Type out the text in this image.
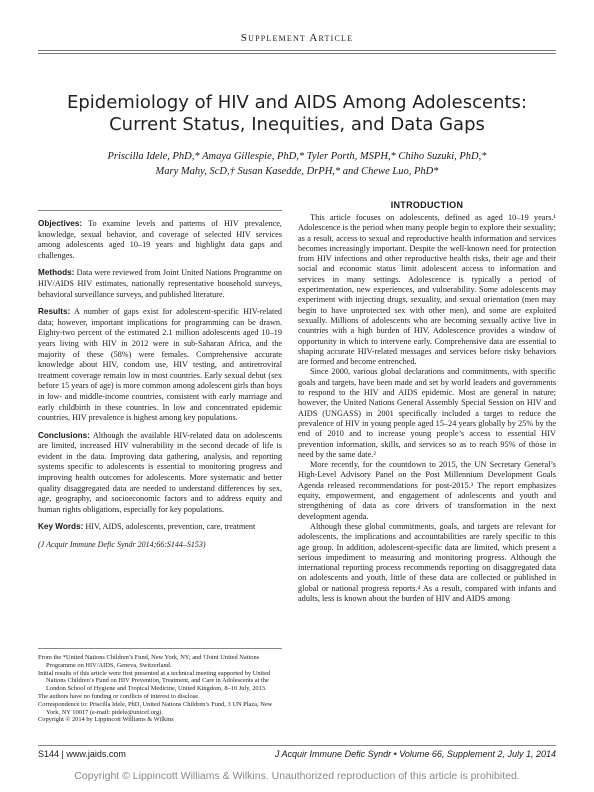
Supplement Article
Epidemiology of HIV and AIDS Among Adolescents:
Current Status, Inequities, and Data Gaps
Priscilla Idele, PhD,* Amaya Gillespie, PhD,* Tyler Porth, MSPH,* Chiho Suzuki, PhD,*
Mary Mahy, ScD,† Susan Kasedde, DrPH,* and Chewe Luo, PhD*

Objectives: To examine levels and patterns of HIV prevalence, knowledge, sexual behavior, and coverage of selected HIV services among adolescents aged 10–19 years and highlight data gaps and challenges.

Methods: Data were reviewed from Joint United Nations Programme on HIV/AIDS HIV estimates, nationally representative household surveys, behavioral surveillance surveys, and published literature.

Results: A number of gaps exist for adolescent-specific HIV-related data; however, important implications for programming can be drawn. Eighty-two percent of the estimated 2.1 million adolescents aged 10–19 years living with HIV in 2012 were in sub-Saharan Africa, and the majority of these (58%) were females. Comprehensive accurate knowledge about HIV, condom use, HIV testing, and antiretroviral treatment coverage remain low in most countries. Early sexual debut (sex before 15 years of age) is more common among adolescent girls than boys in low- and middle-income countries, consistent with early marriage and early childbirth in these countries. In low and concentrated epidemic countries, HIV prevalence is highest among key populations.

Conclusions: Although the available HIV-related data on adolescents are limited, increased HIV vulnerability in the second decade of life is evident in the data. Improving data gathering, analysis, and reporting systems specific to adolescents is essential to monitoring progress and improving health outcomes for adolescents. More systematic and better quality disaggregated data are needed to understand differences by sex, age, geography, and socioeconomic factors and to address equity and human rights obligations, especially for key populations.

Key Words: HIV, AIDS, adolescents, prevention, care, treatment

(J Acquir Immune Defic Syndr 2014;66:S144–S153)

INTRODUCTION

This article focuses on adolescents, defined as aged 10–19 years.¹ Adolescence is the period when many people begin to explore their sexuality; as a result, access to sexual and reproductive health information and services becomes increasingly important. Despite the well-known need for protection from HIV infections and other reproductive health risks, their age and their social and economic status limit adolescent access to information and services in many settings. Adolescence is typically a period of experimentation, new experiences, and vulnerability. Some adolescents may experiment with injecting drugs, sexuality, and sexual orientation (men may begin to have unprotected sex with other men), and some are exploited sexually. Millions of adolescents who are becoming sexually active live in countries with a high burden of HIV. Adolescence provides a window of opportunity in which to intervene early. Comprehensive data are essential to shaping accurate HIV-related messages and services before risky behaviors are formed and become entrenched.

Since 2000, various global declarations and commitments, with specific goals and targets, have been made and set by world leaders and governments to respond to the HIV and AIDS epidemic. Most are general in nature; however, the United Nations General Assembly Special Session on HIV and AIDS (UNGASS) in 2001 specifically included a target to reduce the prevalence of HIV in young people aged 15–24 years globally by 25% by the end of 2010 and to increase young people’s access to essential HIV prevention information, skills, and services so as to reach 95% of those in need by the same date.²

More recently, for the countdown to 2015, the UN Secretary General’s High-Level Advisory Panel on the Post Millennium Development Goals Agenda released recommendations for post-2015.³ The report emphasizes equity, empowerment, and engagement of adolescents and youth and strengthening of data as core drivers of transformation in the next development agenda.

Although these global commitments, goals, and targets are relevant for adolescents, the implications and accountabilities are rarely specific to this age group. In addition, adolescent-specific data are limited, which present a serious impediment to measuring and monitoring progress. Although the international reporting process recommends reporting on disaggregated data on adolescents and youth, little of these data are collected or published in global or national progress reports.⁴ As a result, compared with infants and adults, less is known about the burden of HIV and AIDS among

From the *United Nations Children’s Fund, New York, NY; and †Joint United Nations Programme on HIV/AIDS, Geneva, Switzerland.

Initial results of this article were first presented at a technical meeting supported by United Nations Children’s Fund on HIV Prevention, Treatment, and Care in Adolescents at the London School of Hygiene and Tropical Medicine, United Kingdom, 8–10 July, 2013.

The authors have no funding or conflicts of interest to disclose.

Correspondence to: Priscilla Idele, PhD, United Nations Children’s Fund, 3 UN Plaza, New York, NY 10017 (e-mail: pidele@unicef.org).

Copyright © 2014 by Lippincott Williams & Wilkins

S144 | www.jaids.com	J Acquir Immune Defic Syndr • Volume 66, Supplement 2, July 1, 2014
Copyright © Lippincott Williams & Wilkins. Unauthorized reproduction of this article is prohibited.
